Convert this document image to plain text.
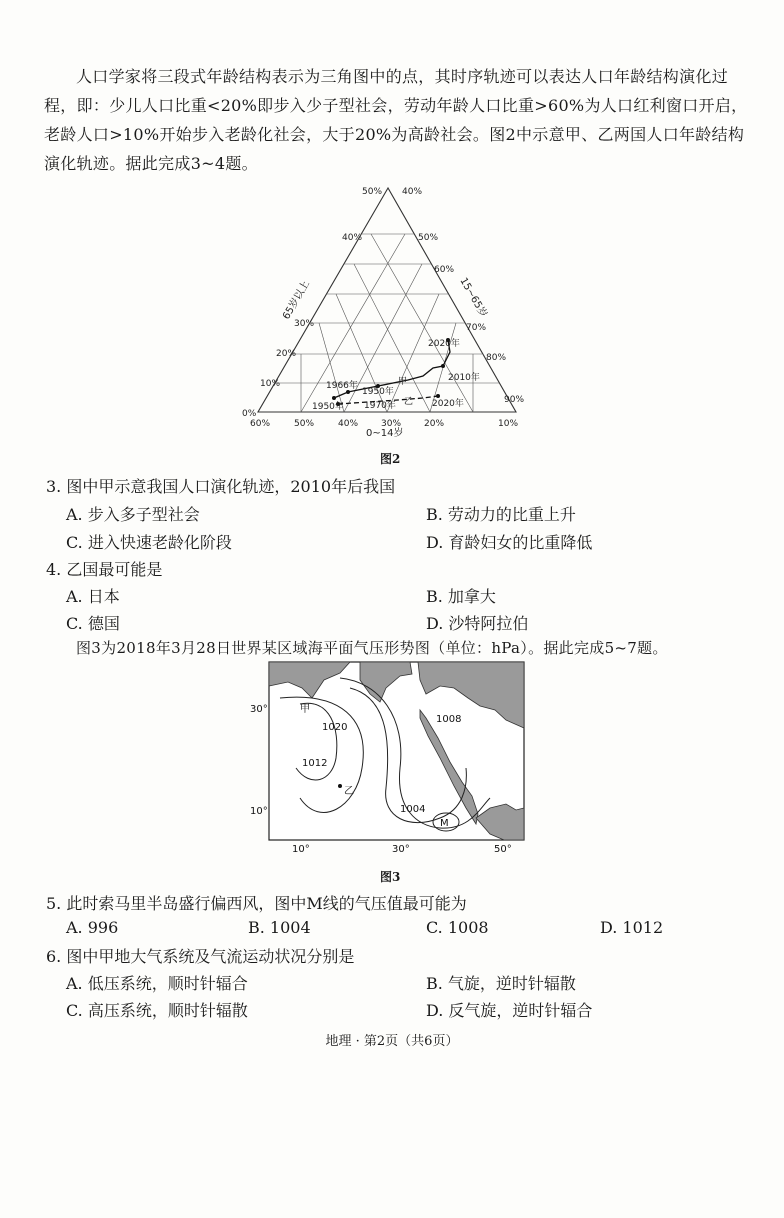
人口学家将三段式年龄结构表示为三角图中的点，其时序轨迹可以表达人口年龄结构演化过程，即：少儿人口比重<20%即步入少子型社会，劳动年龄人口比重>60%为人口红利窗口开启，老龄人口>10%开始步入老龄化社会，大于20%为高龄社会。图2中示意甲、乙两国人口年龄结构演化轨迹。据此完成3~4题。
2020年
2010年
1966年
1950年
甲
1950年 1970年 乙 2020年
65岁以上	15~65岁
0~14岁
0%
10%
20%
30%
40%
50% 40%
50%
60%
70%
80%
90%
60%	50%	40%	30%	20%	10%
图2
3. 图中甲示意我国人口演化轨迹，2010年后我国
A. 步入多子型社会	B. 劳动力的比重上升
C. 进入快速老龄化阶段	D. 育龄妇女的比重降低
4. 乙国最可能是
A. 日本	B. 加拿大
C. 德国	D. 沙特阿拉伯
图3为2018年3月28日世界某区域海平面气压形势图（单位：hPa）。据此完成5~7题。
甲
1020
1012
1008
1004
乙
M
30°
10°
10°	30°	50°
图3
5. 此时索马里半岛盛行偏西风，图中M线的气压值最可能为
A. 996	B. 1004	C. 1008	D. 1012
6. 图中甲地大气系统及气流运动状况分别是
A. 低压系统，顺时针辐合	B. 气旋，逆时针辐散
C. 高压系统，顺时针辐散	D. 反气旋，逆时针辐合
地理 · 第2页（共6页）
